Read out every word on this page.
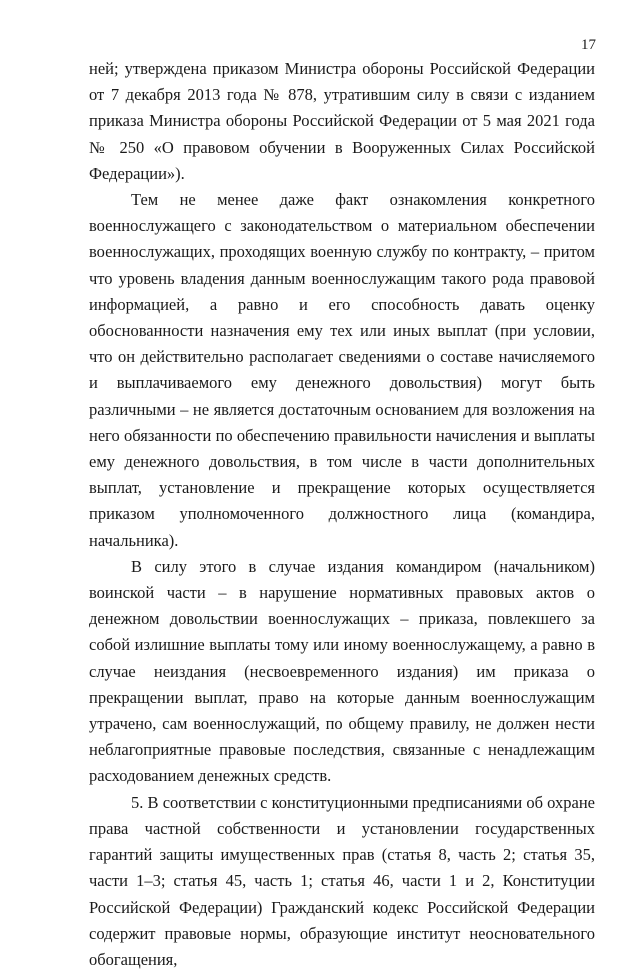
17

ней; утверждена приказом Министра обороны Российской Федерации от 7 декабря 2013 года № 878, утратившим силу в связи с изданием приказа Министра обороны Российской Федерации от 5 мая 2021 года № 250 «О правовом обучении в Вооруженных Силах Российской Федерации»).

Тем не менее даже факт ознакомления конкретного военнослужащего с законодательством о материальном обеспечении военнослужащих, проходящих военную службу по контракту, – притом что уровень владения данным военнослужащим такого рода правовой информацией, а равно и его способность давать оценку обоснованности назначения ему тех или иных выплат (при условии, что он действительно располагает сведениями о составе начисляемого и выплачиваемого ему денежного довольствия) могут быть различными – не является достаточным основанием для возложения на него обязанности по обеспечению правильности начисления и выплаты ему денежного довольствия, в том числе в части дополнительных выплат, установление и прекращение которых осуществляется приказом уполномоченного должностного лица (командира, начальника).

В силу этого в случае издания командиром (начальником) воинской части – в нарушение нормативных правовых актов о денежном довольствии военнослужащих – приказа, повлекшего за собой излишние выплаты тому или иному военнослужащему, а равно в случае неиздания (несвоевременного издания) им приказа о прекращении выплат, право на которые данным военнослужащим утрачено, сам военнослужащий, по общему правилу, не должен нести неблагоприятные правовые последствия, связанные с ненадлежащим расходованием денежных средств.

5. В соответствии с конституционными предписаниями об охране права частной собственности и установлении государственных гарантий защиты имущественных прав (статья 8, часть 2; статья 35, части 1–3; статья 45, часть 1; статья 46, части 1 и 2, Конституции Российской Федерации) Гражданский кодекс Российской Федерации содержит правовые нормы, образующие институт неосновательного обогащения,
